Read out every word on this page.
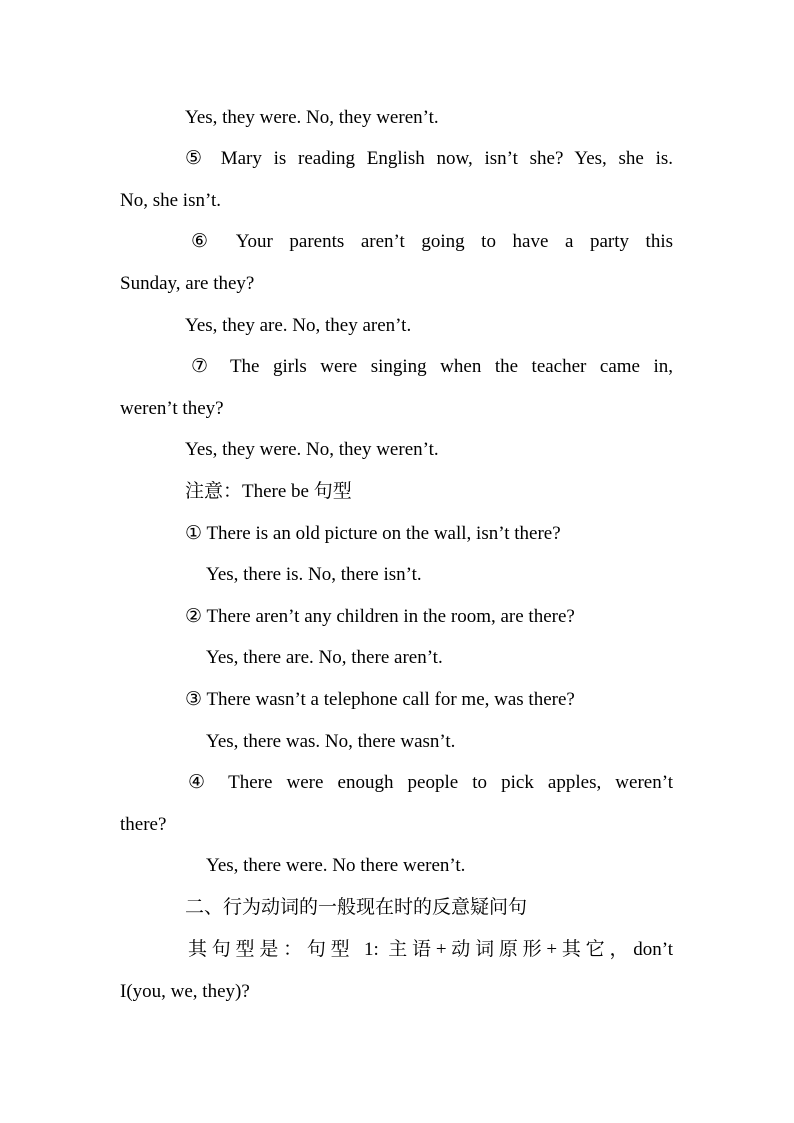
Yes, they were. No, they weren’t.
⑤ Mary is reading English now, isn’t she? Yes, she is.
No, she isn’t.
⑥ Your parents aren’t going to have a party this
Sunday, are they?
Yes, they are. No, they aren’t.
⑦ The girls were singing when the teacher came in,
weren’t they?
Yes, they were. No, they weren’t.
注意：There be 句型
① There is an old picture on the wall, isn’t there?
Yes, there is. No, there isn’t.
② There aren’t any children in the room, are there?
Yes, there are. No, there aren’t.
③ There wasn’t a telephone call for me, was there?
Yes, there was. No, there wasn’t.
④ There were enough people to pick apples, weren’t
there?
Yes, there were. No there weren’t.
二、行为动词的一般现在时的反意疑问句
其句型是：句型 1: 主语+动词原形+其它，don’t
I(you, we, they)?
